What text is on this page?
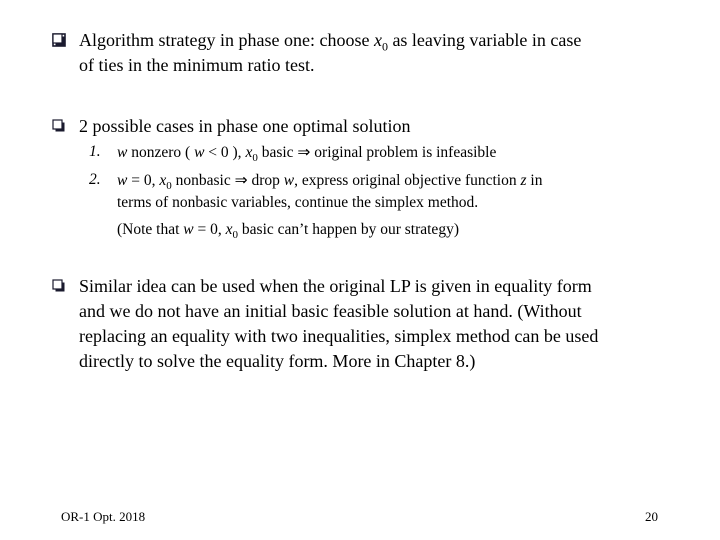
Algorithm strategy in phase one: choose $x_0$ as leaving variable in case
of ties in the minimum ratio test.
2 possible cases in phase one optimal solution
1. w nonzero ( w < 0 ), $x_0$ basic ⇒ original problem is infeasible
2. w = 0, $x_0$ nonbasic ⇒ drop w, express original objective function z in
terms of nonbasic variables, continue the simplex method.
(Note that w = 0, $x_0$ basic can’t happen by our strategy)
Similar idea can be used when the original LP is given in equality form
and we do not have an initial basic feasible solution at hand. (Without
replacing an equality with two inequalities, simplex method can be used
directly to solve the equality form. More in Chapter 8.)
OR-1 Opt. 2018	20
